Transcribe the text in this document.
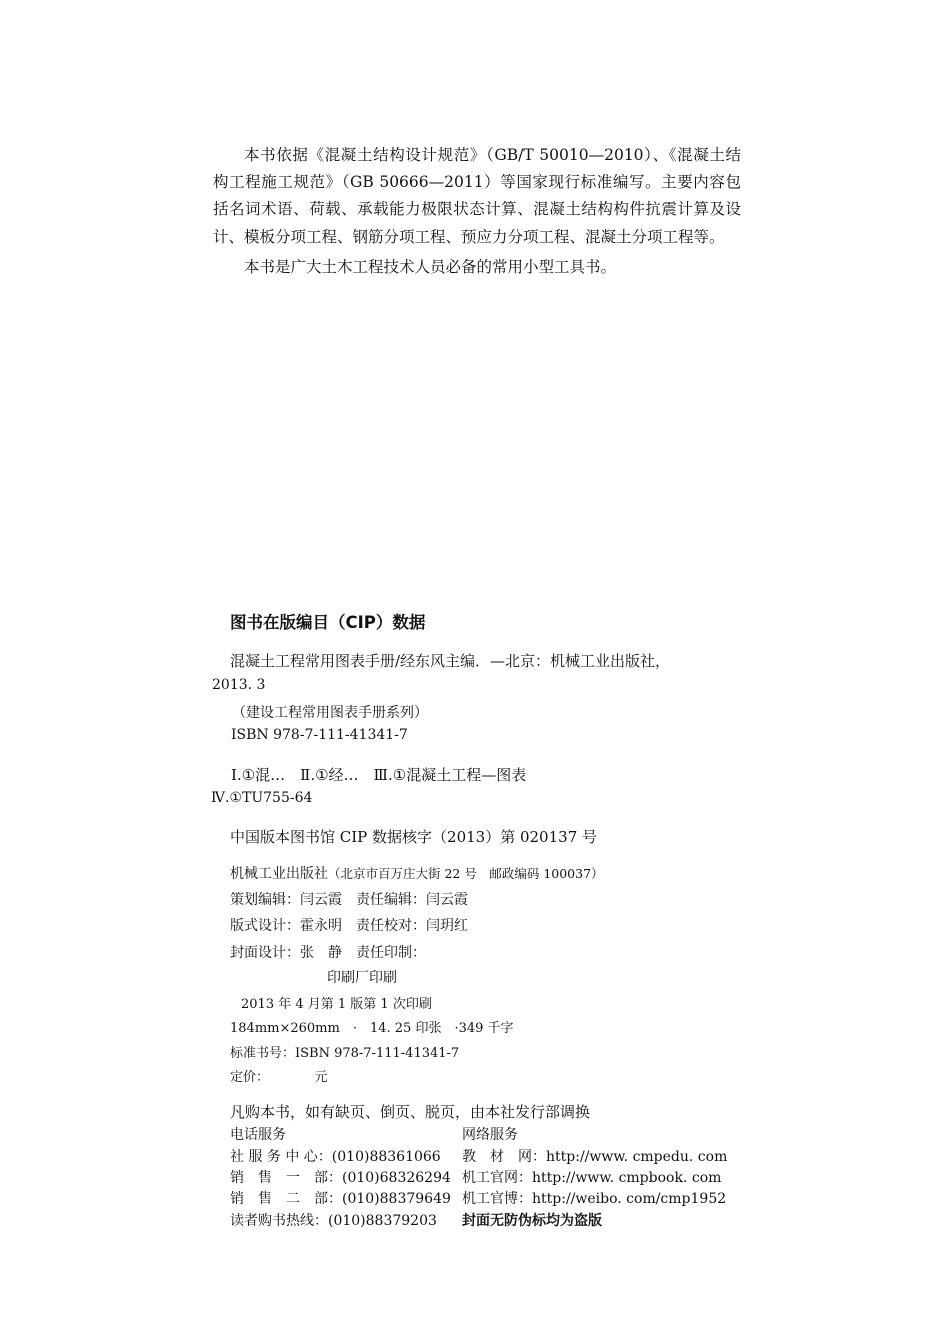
本书依据《混凝土结构设计规范》（GB/T 50010—2010）、《混凝土结构工程施工规范》（GB 50666—2011）等国家现行标准编写。主要内容包括名词术语、荷载、承载能力极限状态计算、混凝土结构构件抗震计算及设计、模板分项工程、钢筋分项工程、预应力分项工程、混凝土分项工程等。

本书是广大土木工程技术人员必备的常用小型工具书。

图书在版编目（CIP）数据
混凝土工程常用图表手册/经东风主编．—北京：机械工业出版社，
2013. 3
（建设工程常用图表手册系列）
ISBN 978-7-111-41341-7
Ⅰ.①混…　Ⅱ.①经…　Ⅲ.①混凝土工程—图表
Ⅳ.①TU755-64
中国版本图书馆 CIP 数据核字（2013）第 020137 号
机械工业出版社（北京市百万庄大街 22 号　邮政编码 100037）
策划编辑：闫云霞　责任编辑：闫云霞
版式设计：霍永明　责任校对：闫玥红
封面设计：张　静　责任印制：
印刷厂印刷
2013 年 4 月第 1 版第 1 次印刷
184mm×260mm　·　14. 25 印张　·349 千字
标准书号：ISBN 978-7-111-41341-7
定价：　　　　元
凡购本书，如有缺页、倒页、脱页，由本社发行部调换
电话服务	网络服务
社 服 务 中 心：(010)88361066 教　材　网：http://www. cmpedu. com
销　售　一　部：(010)68326294 机工官网：http://www. cmpbook. com
销　售　二　部：(010)88379649 机工官博：http://weibo. com/cmp1952
读者购书热线：(010)88379203 封面无防伪标均为盗版
